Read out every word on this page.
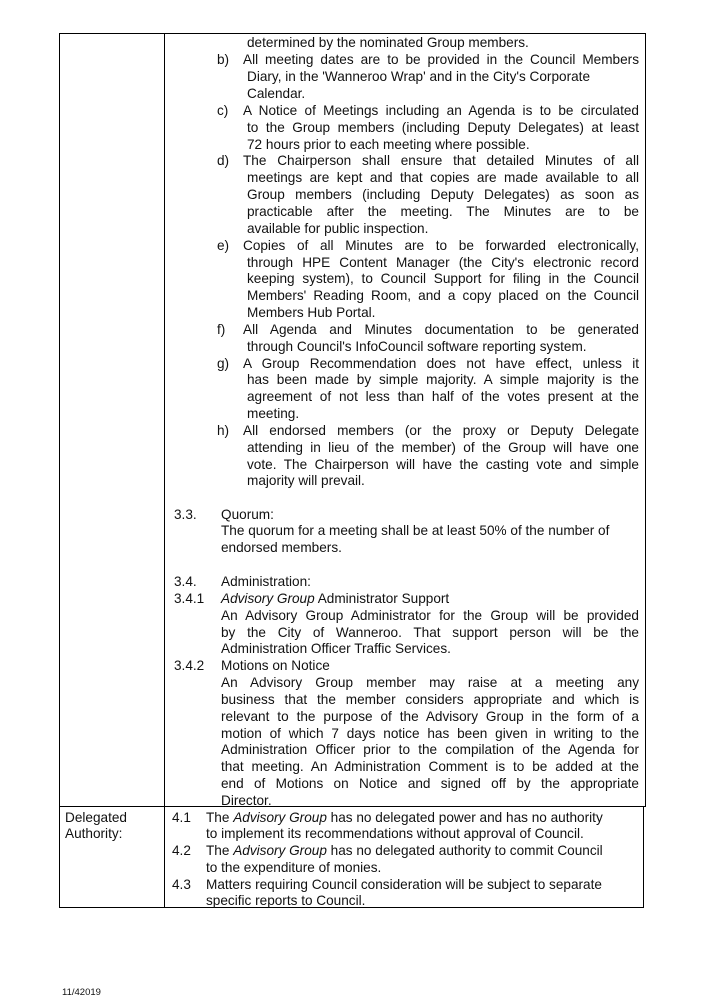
determined by the nominated Group members.
b) All meeting dates are to be provided in the Council Members
Diary, in the 'Wanneroo Wrap' and in the City's Corporate
Calendar.
c) A Notice of Meetings including an Agenda is to be circulated
to the Group members (including Deputy Delegates) at least
72 hours prior to each meeting where possible.
d) The Chairperson shall ensure that detailed Minutes of all
meetings are kept and that copies are made available to all
Group members (including Deputy Delegates) as soon as
practicable after the meeting. The Minutes are to be
available for public inspection.
e) Copies of all Minutes are to be forwarded electronically,
through HPE Content Manager (the City's electronic record
keeping system), to Council Support for filing in the Council
Members' Reading Room, and a copy placed on the Council
Members Hub Portal.
f) All Agenda and Minutes documentation to be generated
through Council's InfoCouncil software reporting system.
g) A Group Recommendation does not have effect, unless it
has been made by simple majority. A simple majority is the
agreement of not less than half of the votes present at the
meeting.
h) All endorsed members (or the proxy or Deputy Delegate
attending in lieu of the member) of the Group will have one
vote. The Chairperson will have the casting vote and simple
majority will prevail.
3.3. Quorum:
The quorum for a meeting shall be at least 50% of the number of
endorsed members.
3.4. Administration:
3.4.1 Advisory Group Administrator Support
An Advisory Group Administrator for the Group will be provided
by the City of Wanneroo. That support person will be the
Administration Officer Traffic Services.
3.4.2 Motions on Notice
An Advisory Group member may raise at a meeting any
business that the member considers appropriate and which is
relevant to the purpose of the Advisory Group in the form of a
motion of which 7 days notice has been given in writing to the
Administration Officer prior to the compilation of the Agenda for
that meeting. An Administration Comment is to be added at the
end of Motions on Notice and signed off by the appropriate
Director.
Delegated
Authority:
4.1 The Advisory Group has no delegated power and has no authority
to implement its recommendations without approval of Council.
4.2 The Advisory Group has no delegated authority to commit Council
to the expenditure of monies.
4.3 Matters requiring Council consideration will be subject to separate
specific reports to Council.
11/42019
